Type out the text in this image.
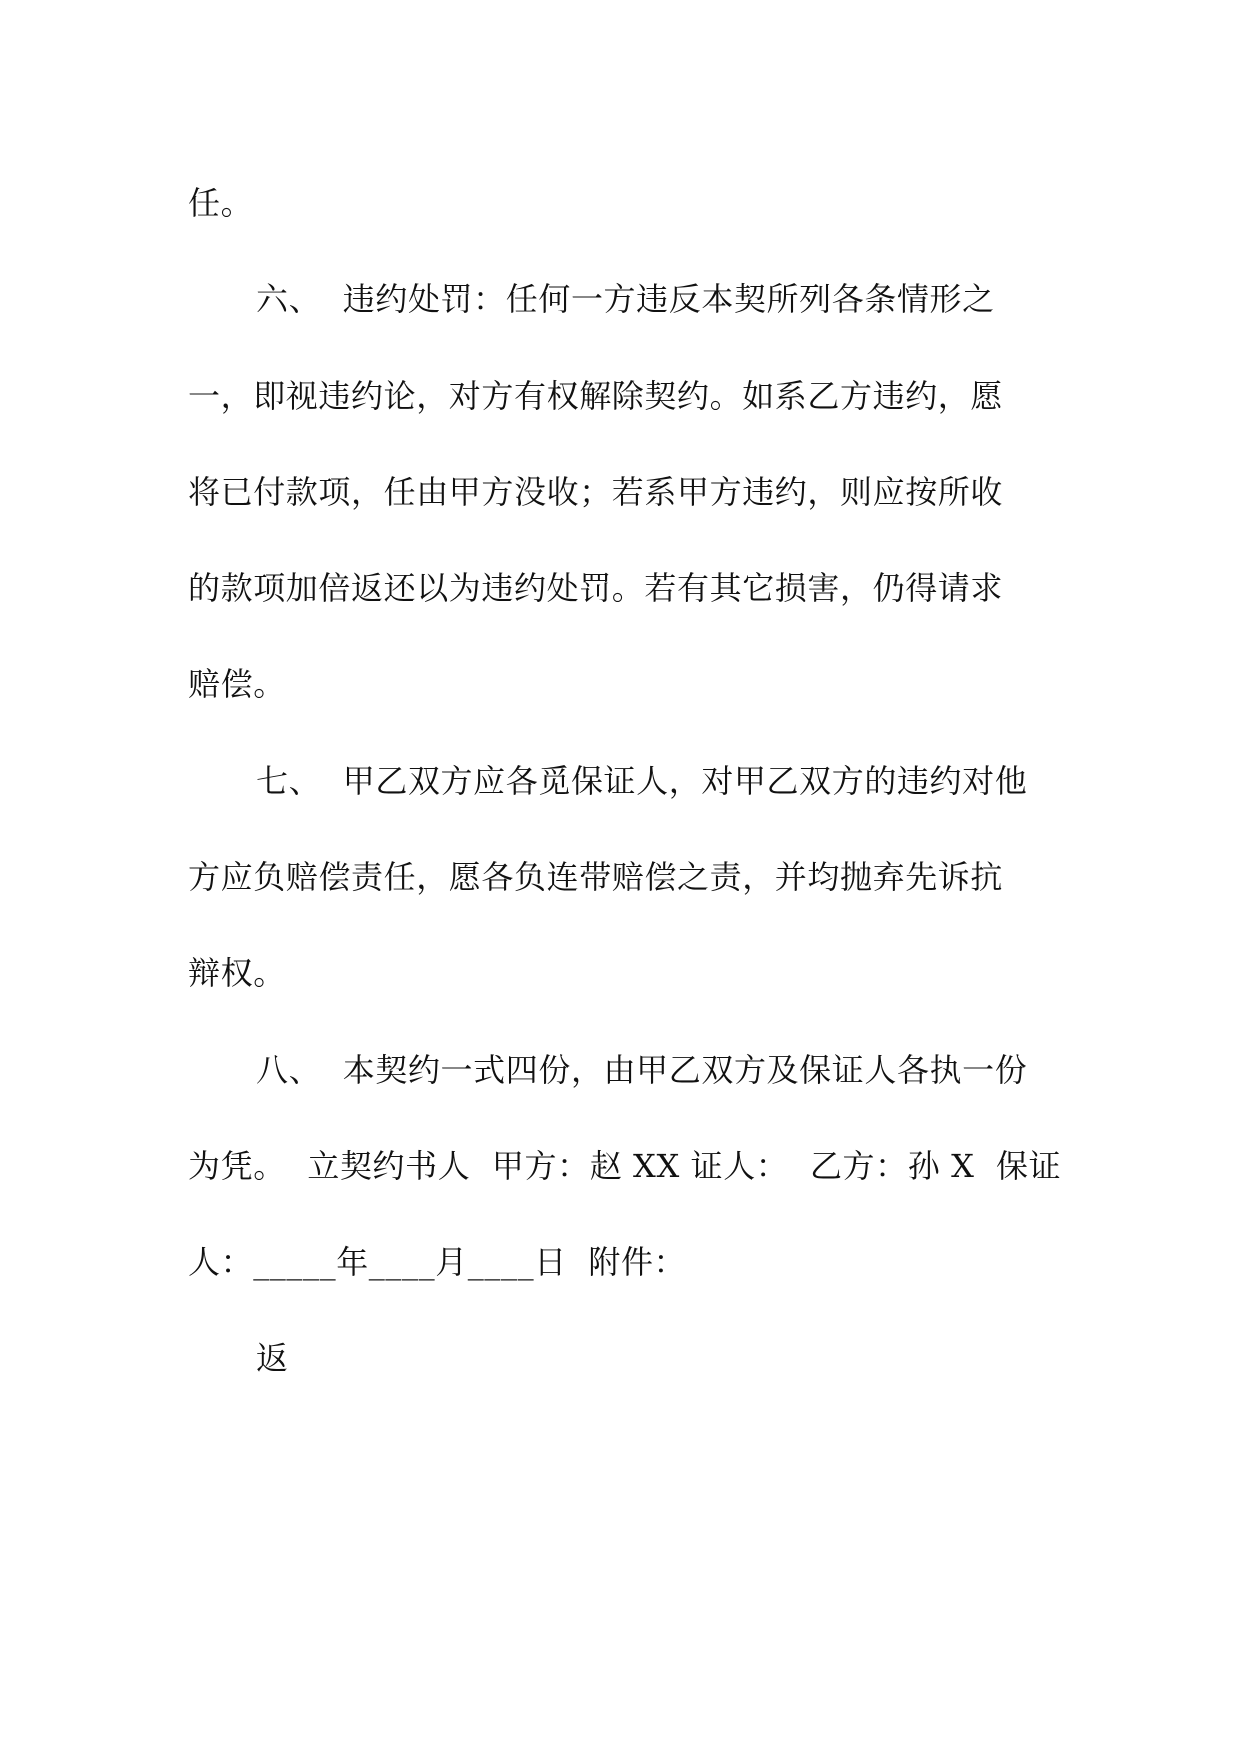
任。
六、  违约处罚：任何一方违反本契所列各条情形之
一，即视违约论，对方有权解除契约。如系乙方违约，愿
将已付款项，任由甲方没收；若系甲方违约，则应按所收
的款项加倍返还以为违约处罚。若有其它损害，仍得请求
赔偿。
七、  甲乙双方应各觅保证人，对甲乙双方的违约对他
方应负赔偿责任，愿各负连带赔偿之责，并均抛弃先诉抗
辩权。
八、  本契约一式四份，由甲乙双方及保证人各执一份
为凭。  立契约书人  甲方：赵 XX 证人：  乙方：孙 X  保证
人：_____年____月____日  附件：
返
